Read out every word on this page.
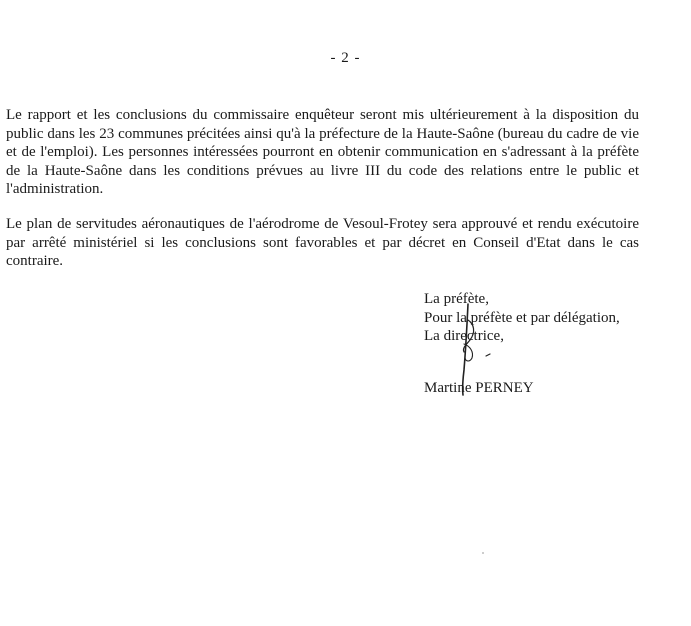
- 2 -

Le rapport et les conclusions du commissaire enquêteur seront mis ultérieurement à la disposition du public dans les 23 communes précitées ainsi qu'à la préfecture de la Haute-Saône (bureau du cadre de vie et de l'emploi). Les personnes intéressées pourront en obtenir communication en s'adressant à la préfète de la Haute-Saône dans les conditions prévues au livre III du code des relations entre le public et l'administration.

Le plan de servitudes aéronautiques de l'aérodrome de Vesoul-Frotey sera approuvé et rendu exécutoire par arrêté ministériel si les conclusions sont favorables et par décret en Conseil d'Etat dans le cas contraire.

La préfète,
Pour la préfète et par délégation,
La directrice,
Martine PERNEY
